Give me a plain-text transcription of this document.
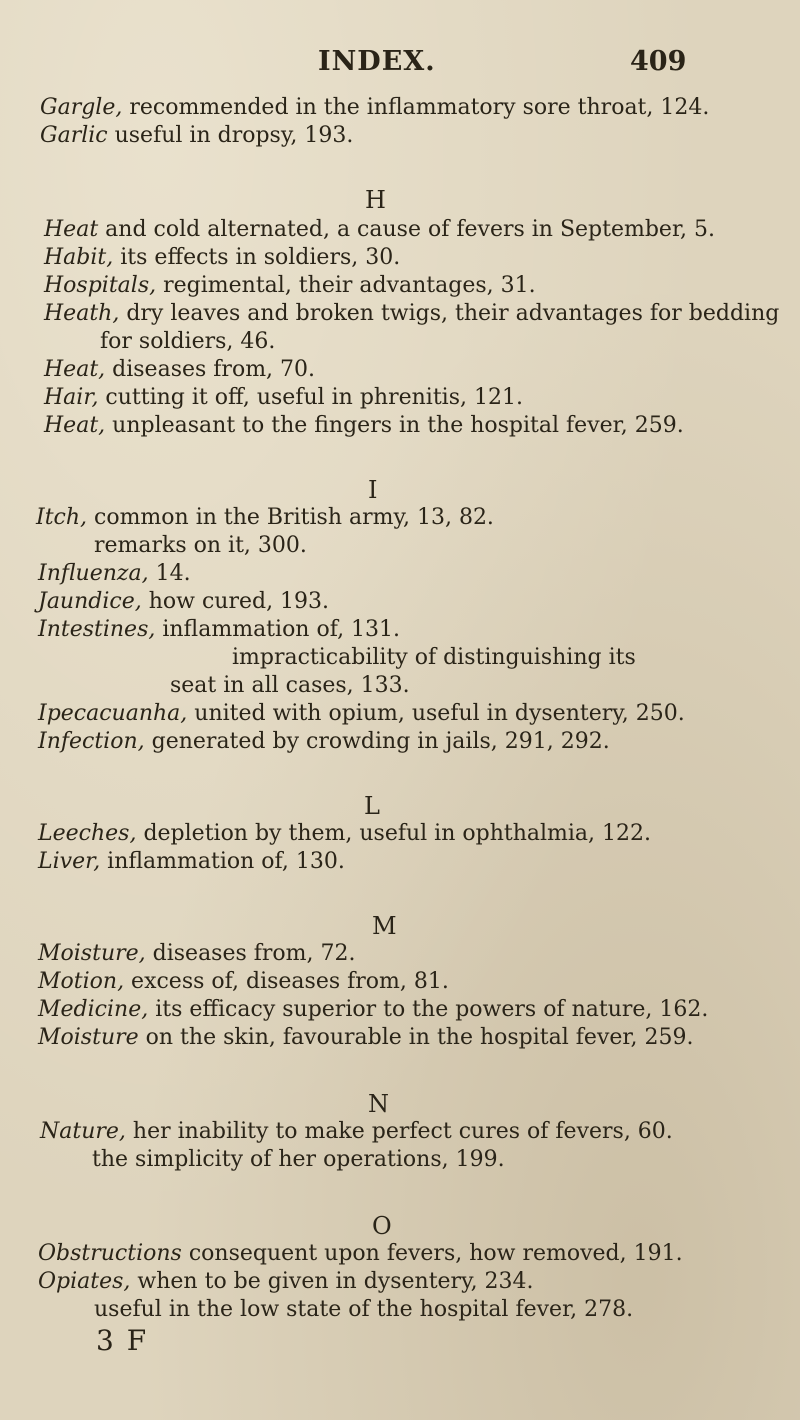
INDEX.	409
Gargle, recommended in the inflammatory sore throat, 124.
Garlic useful in dropsy, 193.
H
Heat and cold alternated, a cause of fevers in September, 5.
Habit, its effects in soldiers, 30.
Hospitals, regimental, their advantages, 31.
Heath, dry leaves and broken twigs, their advantages for bedding
for soldiers, 46.
Heat, diseases from, 70.
Hair, cutting it off, useful in phrenitis, 121.
Heat, unpleasant to the fingers in the hospital fever, 259.
I
Itch, common in the British army, 13, 82.
remarks on it, 300.
Influenza, 14.
Jaundice, how cured, 193.
Intestines, inflammation of, 131.
impracticability of distinguishing its
seat in all cases, 133.
Ipecacuanha, united with opium, useful in dysentery, 250.
Infection, generated by crowding in jails, 291, 292.
L
Leeches, depletion by them, useful in ophthalmia, 122.
Liver, inflammation of, 130.
M
Moisture, diseases from, 72.
Motion, excess of, diseases from, 81.
Medicine, its efficacy superior to the powers of nature, 162.
Moisture on the skin, favourable in the hospital fever, 259.
N
Nature, her inability to make perfect cures of fevers, 60.
the simplicity of her operations, 199.
O
Obstructions consequent upon fevers, how removed, 191.
Opiates, when to be given in dysentery, 234.
useful in the low state of the hospital fever, 278.
3 F
